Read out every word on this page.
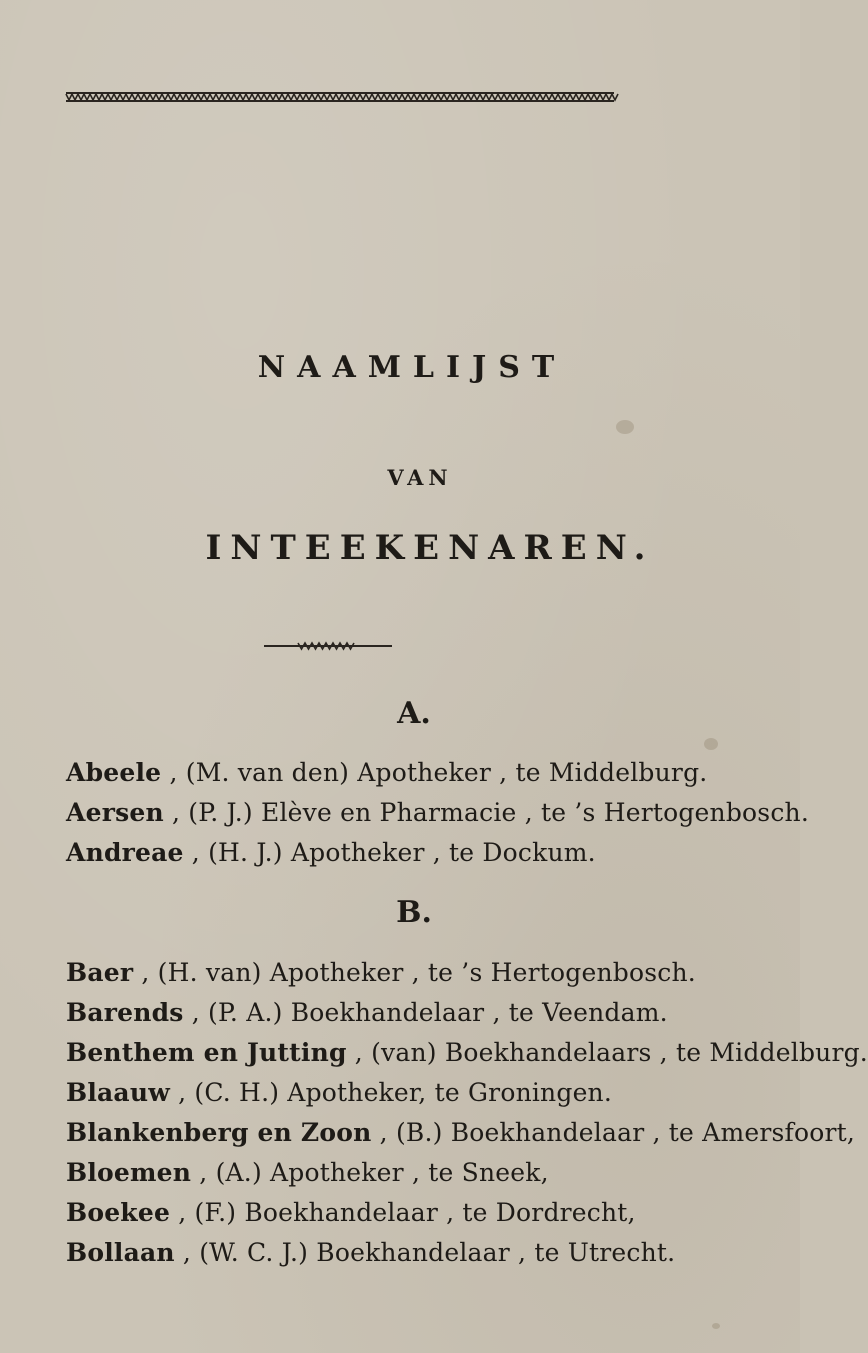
NAAMLIJST
VAN
INTEEKENAREN.
A.
Abeele , (M. van den) Apotheker , te Middelburg.
Aersen , (P. J.) Elève en Pharmacie , te ’s Hertogenbosch.
Andreae , (H. J.) Apotheker , te Dockum.
B.
Baer , (H. van) Apotheker , te ’s Hertogenbosch.
Barends , (P. A.) Boekhandelaar , te Veendam.
Benthem en Jutting , (van) Boekhandelaars , te Middelburg.
Blaauw , (C. H.) Apotheker, te Groningen.
Blankenberg en Zoon , (B.) Boekhandelaar , te Amersfoort,
Bloemen , (A.) Apotheker , te Sneek,
Boekee , (F.) Boekhandelaar , te Dordrecht,
Bollaan , (W. C. J.) Boekhandelaar , te Utrecht.
